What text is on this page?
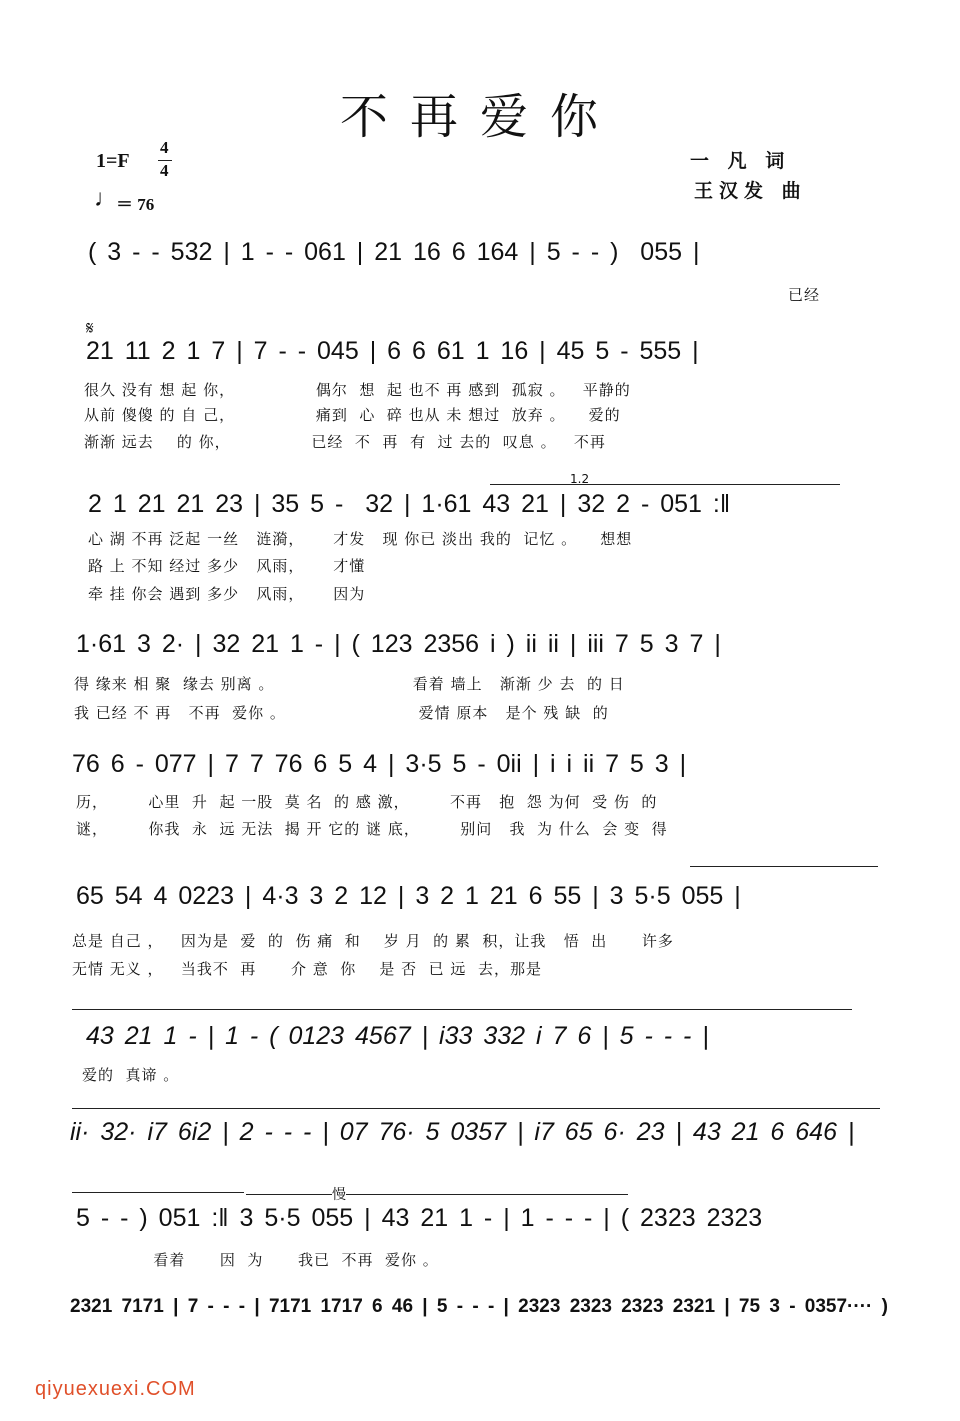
不再爱你
1=F
4
4
♩
＝ 76
一 凡 词
王汉发 曲
( 3 - - 532 | 1 - - 061 | 21 16 6 164 | 5 - - )  055 |
已经
𝄋
21 11 2 1 7 | 7 - - 045 | 6 6 61 1 16 | 45 5 - 555 |
很久 没有 想 起 你，              偶尔  想  起 也不 再 感到  孤寂 。   平静的
从前 傻傻 的 自 己，              痛到  心  碎 也从 未 想过  放弃 。    爱的
渐渐 远去    的 你，              已经  不  再  有  过 去的  叹息 。   不再
1.2
2 1 21 21 23 | 35 5 -  32 | 1·61 43 21 | 32 2 - 051 :‖
心 湖 不再 泛起 一丝   涟漪，     才发   现 你已 淡出 我的  记忆 。    想想
路 上 不知 经过 多少   风雨，     才懂
牵 挂 你会 遇到 多少   风雨，     因为
1·61 3 2· | 32 21 1 - | ( 123 2356 i ) ii ii | iii 7 5 3 7 |
得 缘来 相 聚  缘去 别离 。                        看着 墙上   渐渐 少 去  的 日
我 已经 不 再   不再  爱你 。                       爱情 原本   是个 残 缺  的
76 6 - 077 | 7 7 76 6 5 4 | 3·5 5 - 0ii | i i ii 7 5 3 |
历，       心里  升  起 一股  莫 名  的 感 激，       不再   抱  怨 为何  受 伤  的
谜，       你我  永  远 无法  揭 开 它的 谜 底，       别问   我  为 什么  会 变  得
65 54 4 0223 | 4·3 3 2 12 | 3 2 1 21 6 55 | 3 5·5 055 |
总是 自己 ，   因为是  爱  的  伤 痛  和    岁 月  的 累  积，让我   悟  出      许多
无情 无义 ，   当我不  再      介 意  你    是 否  已 远  去，那是
43 21 1 - | 1 - ( 0123 4567 | i33 332 i 7 6 | 5 - - - |
爱的  真谛 。
ii· 32· i7 6i2 | 2 - - - | 07 76· 5 0357 | i7 65 6· 23 | 43 21 6 646 |
慢
5 - - ) 051 :‖ 3 5·5 055 | 43 21 1 - | 1 - - - | ( 2323 2323
看着      因  为      我已  不再  爱你 。
2321 7171 | 7 - - - | 7171 1717 6 46 | 5 - - - | 2323 2323 2323 2321 | 75 3 - 0357···· )
qiyuexuexi.COM
